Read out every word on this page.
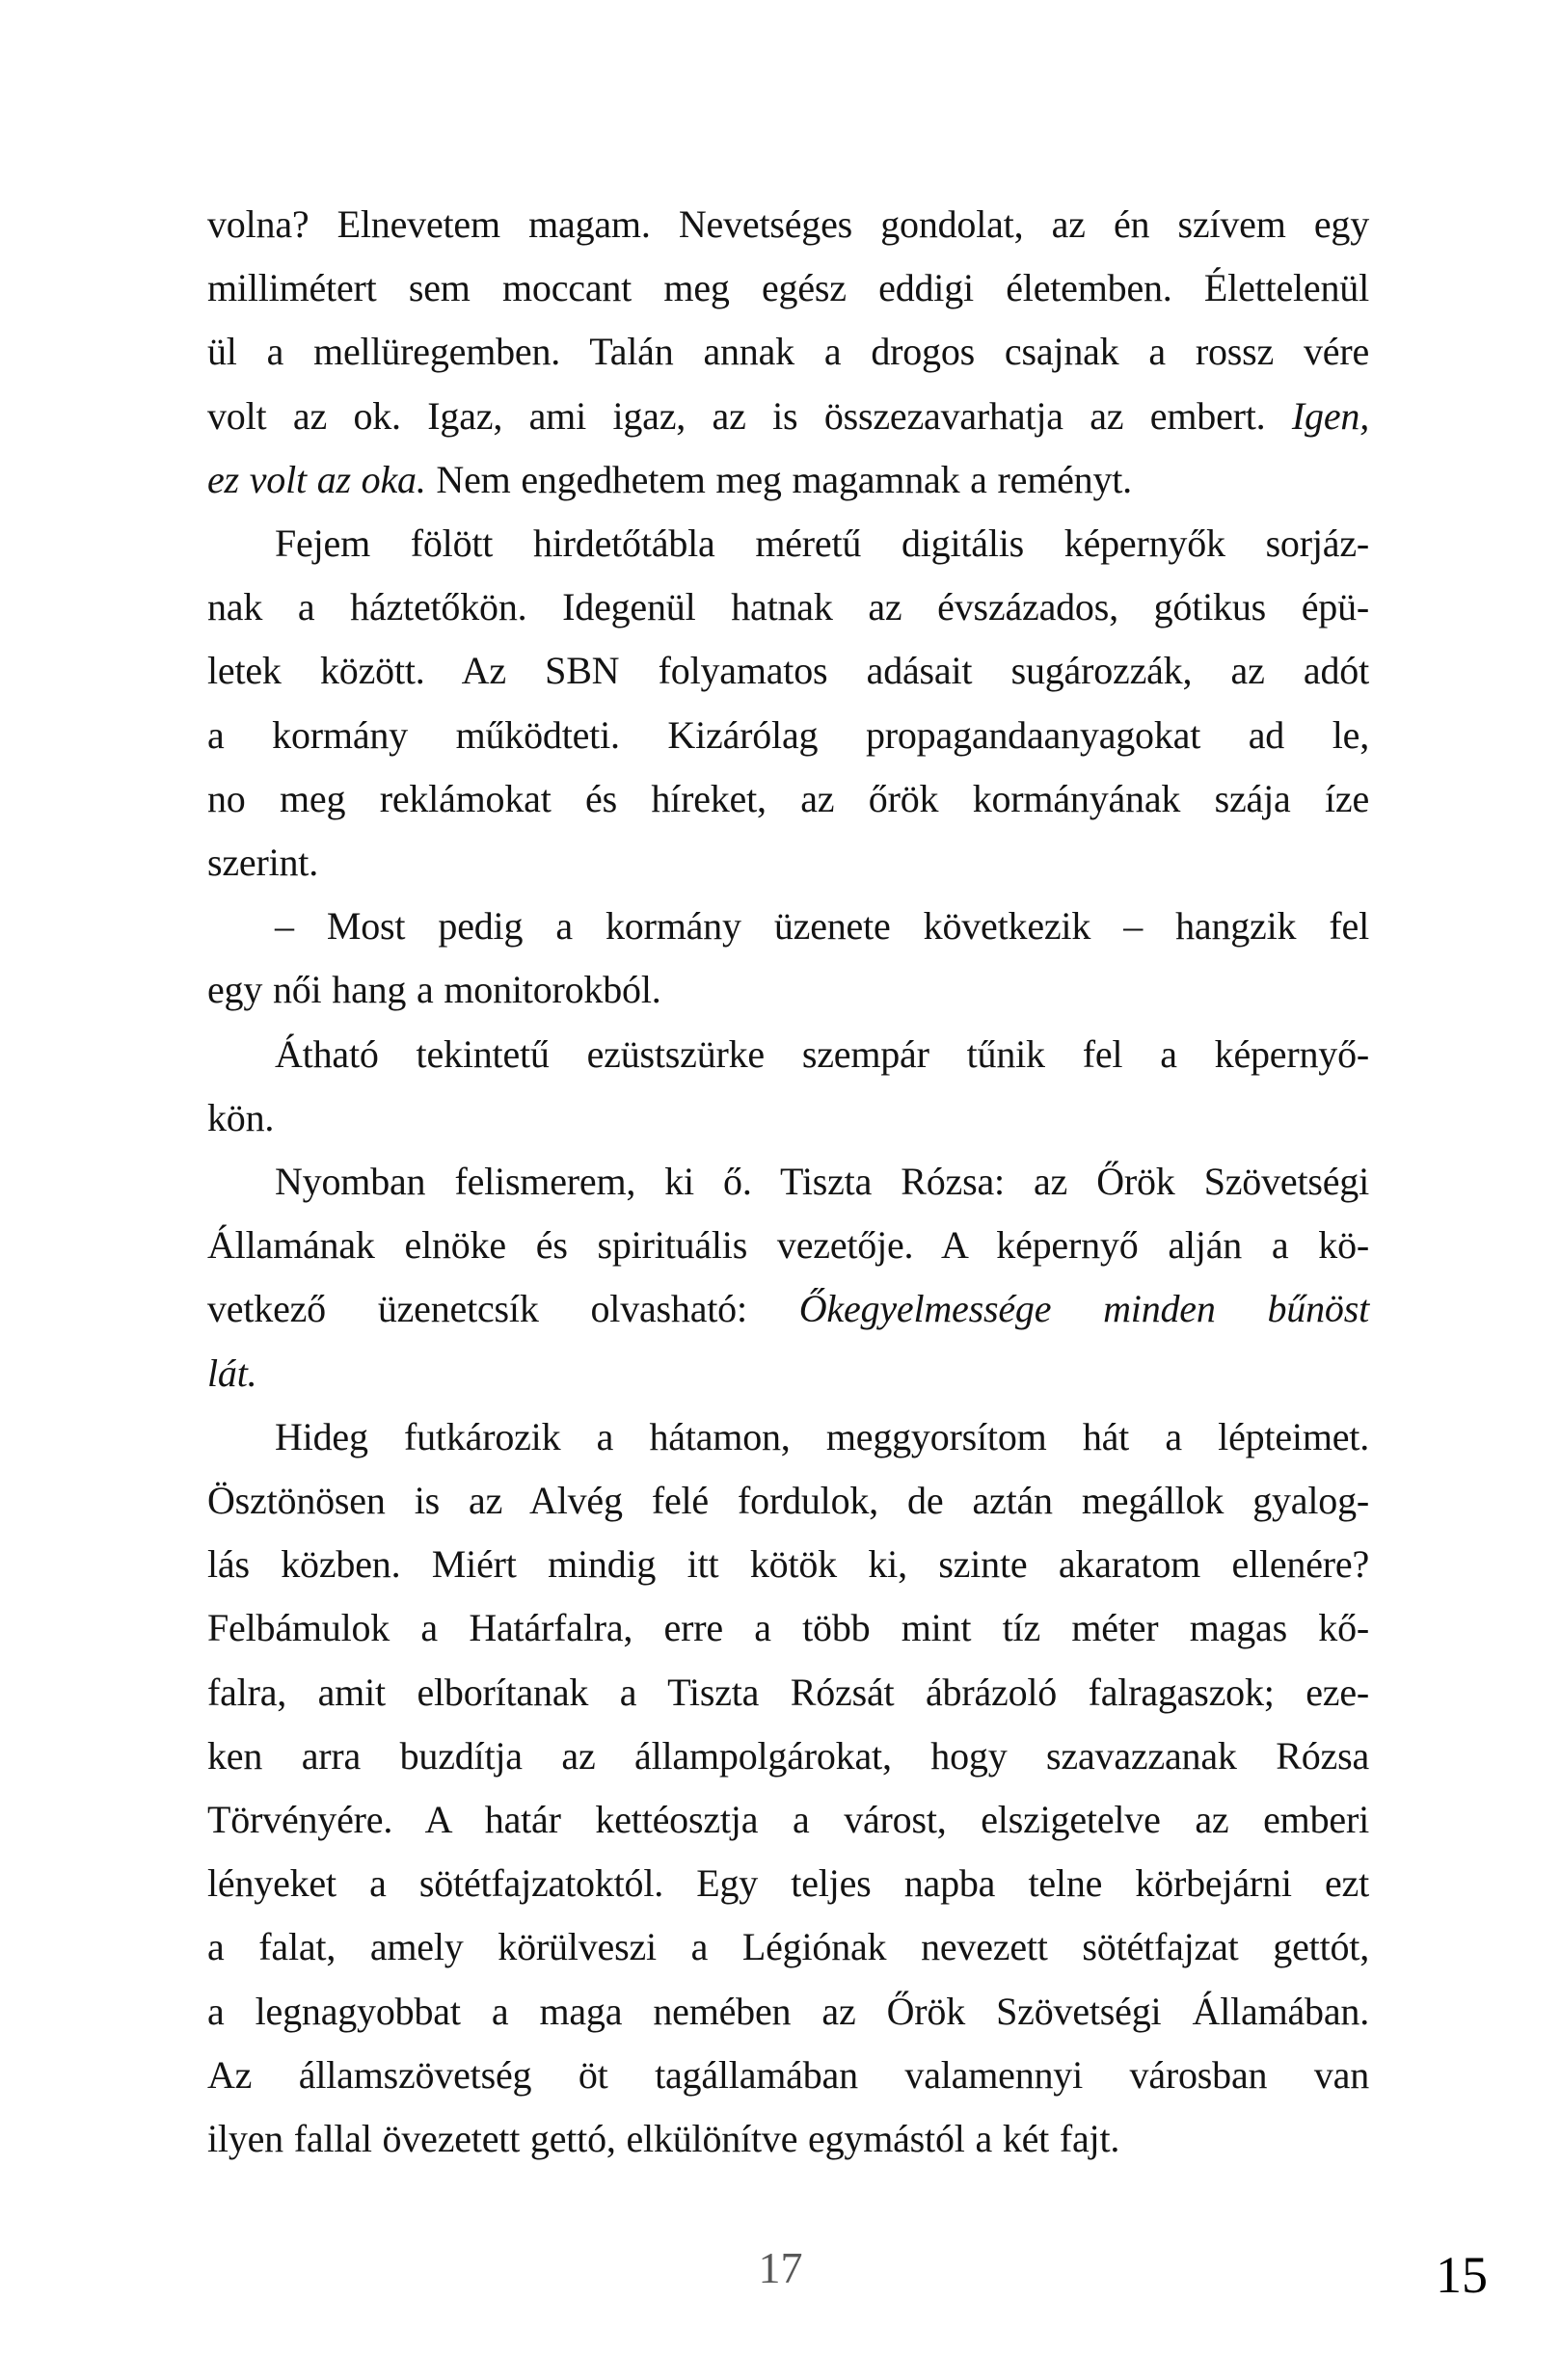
volna? Elnevetem magam. Nevetséges gondolat, az én szívem egy
millimétert sem moccant meg egész eddigi életemben. Élettelenül
ül a mellüregemben. Talán annak a drogos csajnak a rossz vére
volt az ok. Igaz, ami igaz, az is összezavarhatja az embert. Igen,
ez volt az oka. Nem engedhetem meg magamnak a reményt.
Fejem fölött hirdetőtábla méretű digitális képernyők sorjáz-
nak a háztetőkön. Idegenül hatnak az évszázados, gótikus épü-
letek között. Az SBN folyamatos adásait sugározzák, az adót
a kormány működteti. Kizárólag propagandaanyagokat ad le,
no meg reklámokat és híreket, az őrök kormányának szája íze
szerint.
– Most pedig a kormány üzenete következik – hangzik fel
egy női hang a monitorokból.
Átható tekintetű ezüstszürke szempár tűnik fel a képernyő-
kön.
Nyomban felismerem, ki ő. Tiszta Rózsa: az Őrök Szövetségi
Államának elnöke és spirituális vezetője. A képernyő alján a kö-
vetkező üzenetcsík olvasható: Őkegyelmessége minden bűnöst
lát.
Hideg futkározik a hátamon, meggyorsítom hát a lépteimet.
Ösztönösen is az Alvég felé fordulok, de aztán megállok gyalog-
lás közben. Miért mindig itt kötök ki, szinte akaratom ellenére?
Felbámulok a Határfalra, erre a több mint tíz méter magas kő-
falra, amit elborítanak a Tiszta Rózsát ábrázoló falragaszok; eze-
ken arra buzdítja az állampolgárokat, hogy szavazzanak Rózsa
Törvényére. A határ kettéosztja a várost, elszigetelve az emberi
lényeket a sötétfajzatoktól. Egy teljes napba telne körbejárni ezt
a falat, amely körülveszi a Légiónak nevezett sötétfajzat gettót,
a legnagyobbat a maga nemében az Őrök Szövetségi Államában.
Az államszövetség öt tagállamában valamennyi városban van
ilyen fallal övezetett gettó, elkülönítve egymástól a két fajt.
17	15
